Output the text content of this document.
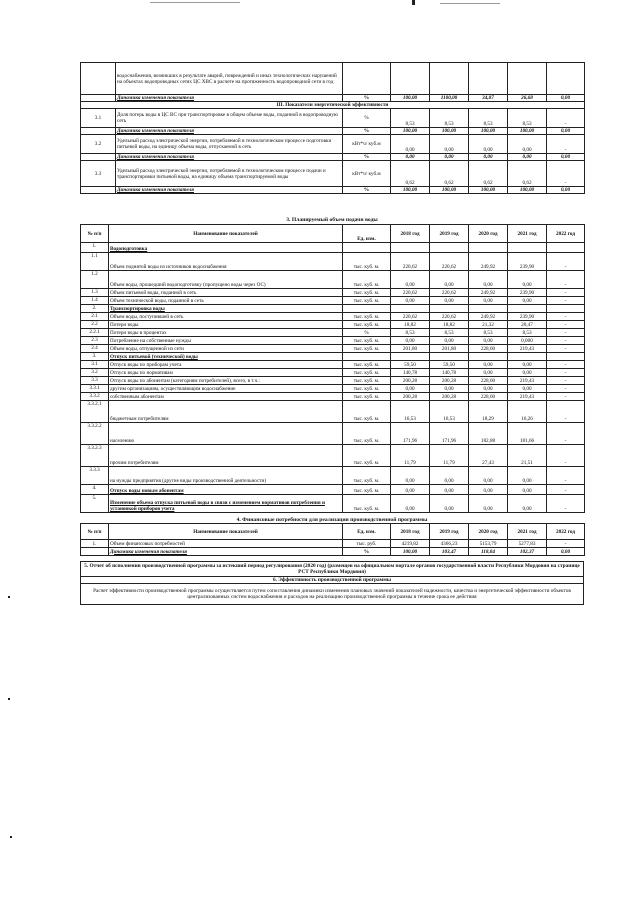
	водоснабжения, возникших в результате аварий, повреждений и иных технологических нарушений на объектах водопроводных сетях ЦС ХВС в расчете на протяженность водопроводной сети в год						
	Динамика изменения показателя	%	100,00	1100,00	34,07	26,68	0,00
III. Показатели энергетической эффективности							
3.1	Доля потерь воды в ЦС ВС при транспортировке в общем объеме воды, поданной в водопроводную сеть	%	8,53	8,53	8,53	8,53	-
	Динамика изменения показателя	%	100,00	100,00	100,00	100,00	0,00
3.2	Удельный расход электрической энергии, потребляемой в технологическом процессе подготовки питьевой воды, на единицу объема воды, отпускаемой в сеть	кВт*ч/ куб.м	0,00	0,00	0,00	0,00	-
	Динамика изменения показателя	%	0,00	0,00	0,00	0,00	0,00
3.3	Удельный расход электрической энергии, потребляемой в технологическом процессе подачи и транспортировки питьевой воды, на единицу объема транспортируемой воды	кВт*ч/ куб.м	0,62	0,62	0,62	0,62	-
	Динамика изменения показателя	%	100,00	100,00	100,00	100,00	0,00
3. Планируемый объем подачи воды
№ п/п	Наименование показателей	Ед. изм.	2018 год	2019 год	2020 год	2021 год	2022 год
1.	Водоподготовка						
1.1	Объем поднятой воды из источников водоснабжения	тыс. куб. м.	220,62	220,62	249,92	239,90	-
1.2	Объем воды, прошедший водоподготовку (пропущено воды через ОС)	тыс. куб. м.	0,00	0,00	0,00	0,00	-
1.3	Объем питьевой воды, поданной в сеть	тыс. куб. м.	220,62	220,62	249,92	239,90	-
1.4	Объем технической воды, поданной в сеть	тыс. куб. м.	0,00	0,00	0,00	0,00	-
2.	Транспортировка воды						
2.1	Объем воды, поступившей в сеть	тыс. куб. м.	220,62	220,62	249,92	239,90	-
2.2	Потери воды	тыс. куб. м.	18,82	18,82	21,32	20,47	-
2.2.1	Потери воды в процентах	%	8,53	8,53	8,53	8,53	-
2.3	Потребление на собственные нужды	тыс. куб. м.	0,00	0,00	0,00	0,000	-
2.4	Объем воды, отпущенной из сети	тыс. куб. м.	201,80	201,80	228,60	219,43	-
3.	Отпуск питьевой (технической) воды						
3.1	Отпуск воды по приборам учета	тыс. куб. м.	59,50	59,50	0,00	0,00	-
3.2	Отпуск воды по нормативам	тыс. куб. м.	140,78	140,78	0,00	0,00	-
3.3	Отпуск воды по абонентам (категориям потребителей), всего, в т.ч.:	тыс. куб. м.	200,28	200,28	228,60	219,43	-
3.3.1	другим организациям, осуществляющим водоснабжение	тыс. куб. м.	0,00	0,00	0,00	0,00	-
3.3.2	собственным абонентам	тыс. куб. м.	200,28	200,28	228,60	219,43	-
3.3.2.1	бюджетным потребителям	тыс. куб. м.	16,53	16,53	18,29	16,26	-
3.3.2.2	населению	тыс. куб. м.	171,96	171,96	182,88	181,66	-
3.3.2.3	прочим потребителям	тыс. куб. м.	11,79	11,79	27,43	21,51	-
3.3.3	на нужды предприятия (другие виды производственной деятельности)	тыс. куб. м.	0,00	0,00	0,00	0,00	-
4.	Отпуск воды новым абонентам	тыс. куб. м.	0,00	0,00	0,00	0,00	-
5.	Изменение объема отпуска питьевой воды в связи с изменением нормативов потребления и установкой приборов учета	тыс. куб. м.	0,00	0,00	0,00	0,00	-
4. Финансовые потребности для реализации производственной программы
№ п/п	Наименование показателей	Ед. изм.	2018 год	2019 год	2020 год	2021 год	2022 год
1.	Объем финансовых потребностей	тыс. руб.	4219,82	4366,23	5153,79	5277,83	-
	Динамика изменения показателя	%	100,00	103,47	118,04	102,37	0,00
5. Отчет об исполнении производственной программы за истекший период регулирования (2020 год) (размещен на официальном портале органов государственной власти Республики Мордовия на странице РСТ Республики Мордовия)
6. Эффективность производственной программы
Расчет эффективности производственной программы осуществляется путем сопоставления динамики изменения плановых значений показателей надежности, качества и энергетической эффективности объектов централизованных систем водоснабжения и расходов на реализацию производственной программы в течение срока ее действия
